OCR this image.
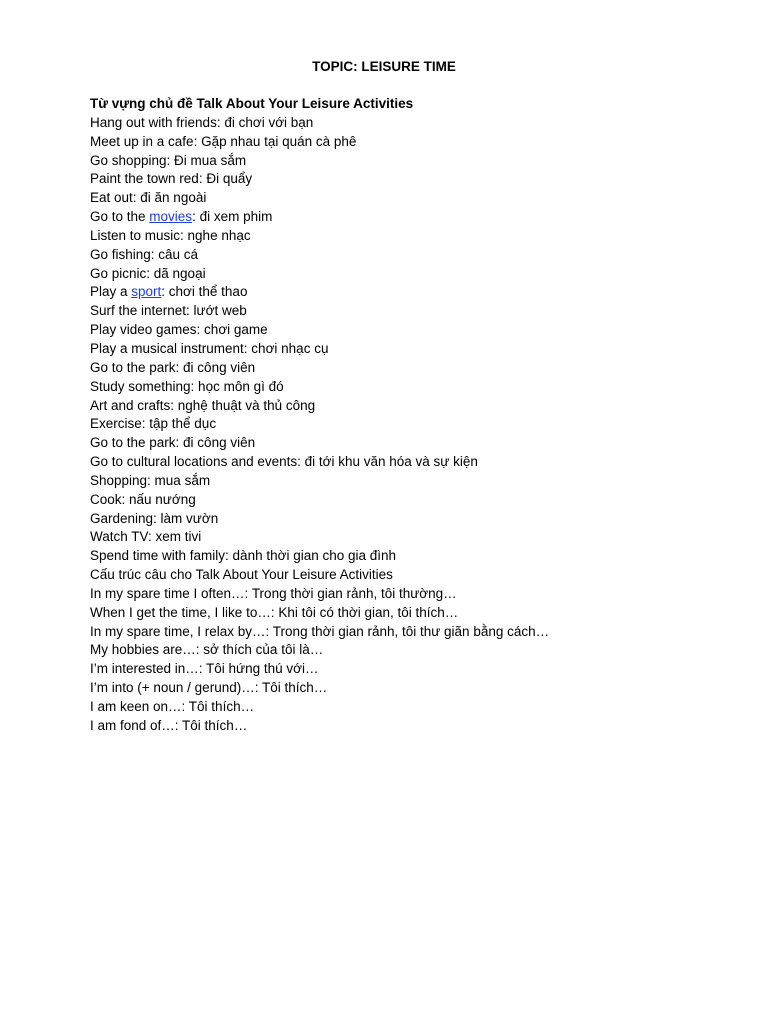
TOPIC: LEISURE TIME
Từ vựng chủ đề Talk About Your Leisure Activities
Hang out with friends: đi chơi với bạn
Meet up in a cafe: Gặp nhau tại quán cà phê
Go shopping: Đi mua sắm
Paint the town red: Đi quẩy
Eat out: đi ăn ngoài
Go to the movies: đi xem phim
Listen to music: nghe nhạc
Go fishing: câu cá
Go picnic: dã ngoại
Play a sport: chơi thể thao
Surf the internet: lướt web
Play video games: chơi game
Play a musical instrument: chơi nhạc cụ
Go to the park: đi công viên
Study something: học môn gì đó
Art and crafts: nghệ thuật và thủ công
Exercise: tập thể dục
Go to the park: đi công viên
Go to cultural locations and events: đi tới khu văn hóa và sự kiện
Shopping: mua sắm
Cook: nấu nướng
Gardening: làm vườn
Watch TV: xem tivi
Spend time with family: dành thời gian cho gia đình
Cấu trúc câu cho Talk About Your Leisure Activities
In my spare time I often…: Trong thời gian rảnh, tôi thường…
When I get the time, I like to…: Khi tôi có thời gian, tôi thích…
In my spare time, I relax by…: Trong thời gian rảnh, tôi thư giãn bằng cách…
My hobbies are…: sở thích của tôi là…
I’m interested in…: Tôi hứng thú với…
I’m into (+ noun / gerund)…: Tôi thích…
I am keen on…: Tôi thích…
I am fond of…: Tôi thích…
